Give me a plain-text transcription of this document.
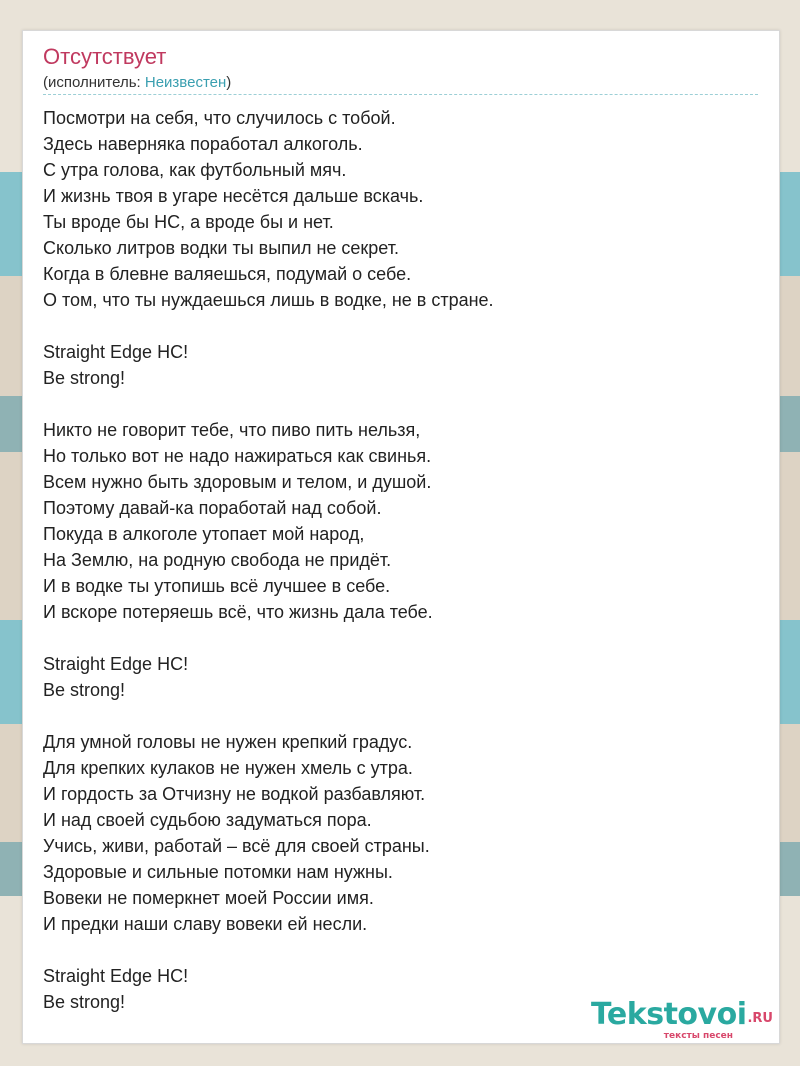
Отсутствует
(исполнитель: Неизвестен)
Посмотри на себя, что случилось с тобой.
Здесь наверняка поработал алкоголь.
С утра голова, как футбольный мяч.
И жизнь твоя в угаре несётся дальше вскачь.
Ты вроде бы НС, а вроде бы и нет.
Сколько литров водки ты выпил не секрет.
Когда в блевне валяешься, подумай о себе.
О том, что ты нуждаешься лишь в водке, не в стране.
Straight Edge HC!
Be strong!
Никто не говорит тебе, что пиво пить нельзя,
Но только вот не надо нажираться как свинья.
Всем нужно быть здоровым и телом, и душой.
Поэтому давай-ка поработай над собой.
Покуда в алкоголе утопает мой народ,
На Землю, на родную свобода не придёт.
И в водке ты утопишь всё лучшее в себе.
И вскоре потеряешь всё, что жизнь дала тебе.
Straight Edge HC!
Be strong!
Для умной головы не нужен крепкий градус.
Для крепких кулаков не нужен хмель с утра.
И гордость за Отчизну не водкой разбавляют.
И над своей судьбою задуматься пора.
Учись, живи, работай – всё для своей страны.
Здоровые и сильные потомки нам нужны.
Вовеки не померкнет моей России имя.
И предки наши славу вовеки ей несли.
Straight Edge HC!
Be strong!	Tekstovoi.RU
тексты песен
